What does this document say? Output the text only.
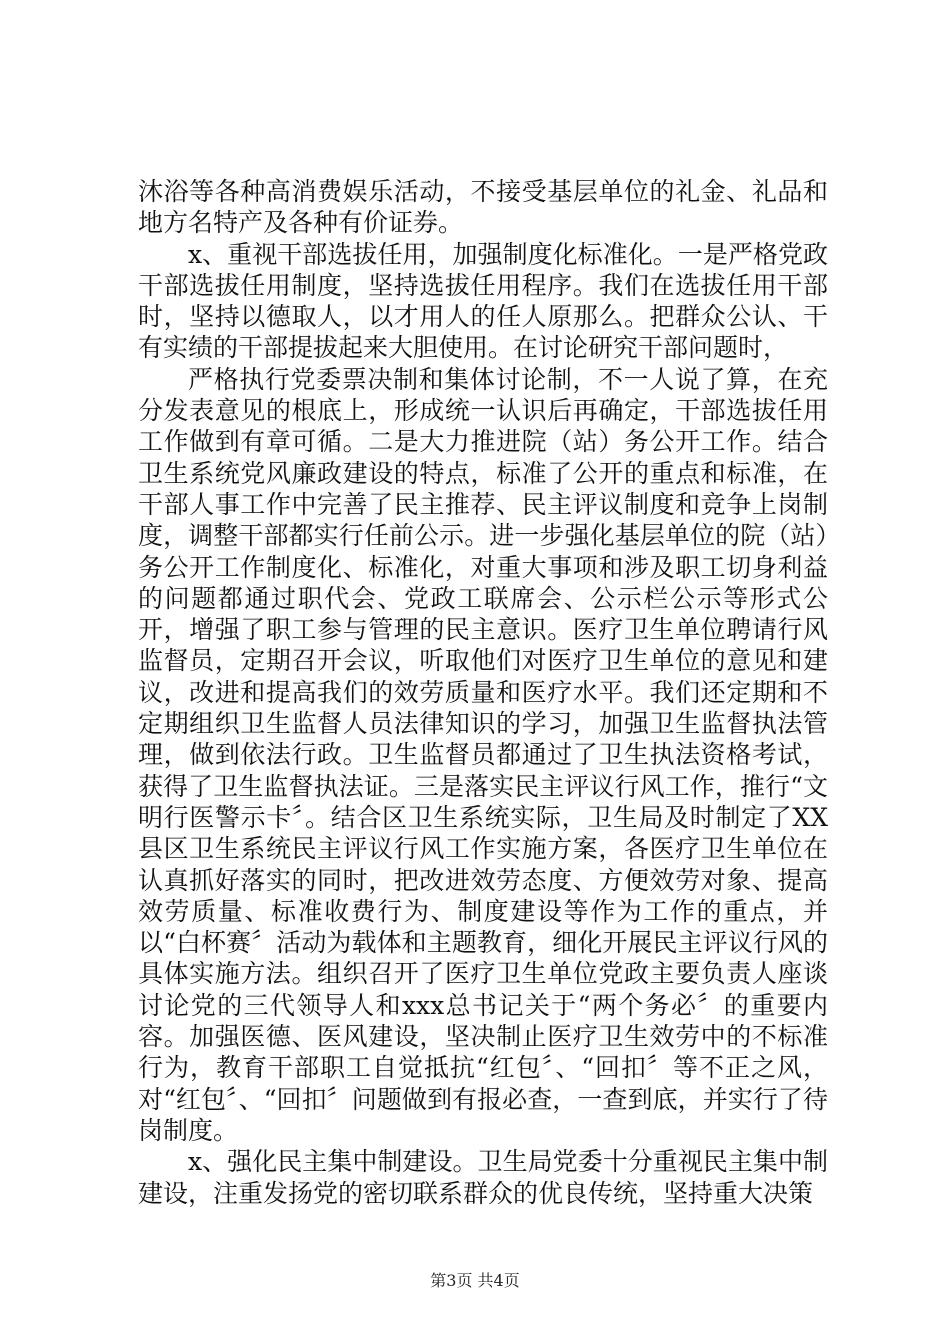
沐浴等各种高消费娱乐活动，不接受基层单位的礼金、礼品和地方名特产及各种有价证券。

x、重视干部选拔任用，加强制度化标准化。一是严格党政干部选拔任用制度，坚持选拔任用程序。我们在选拔任用干部时，坚持以德取人，以才用人的任人原那么。把群众公认、干有实绩的干部提拔起来大胆使用。在讨论研究干部问题时，

严格执行党委票决制和集体讨论制，不一人说了算，在充分发表意见的根底上，形成统一认识后再确定，干部选拔任用工作做到有章可循。二是大力推进院（站）务公开工作。结合卫生系统党风廉政建设的特点，标准了公开的重点和标准，在干部人事工作中完善了民主推荐、民主评议制度和竞争上岗制度，调整干部都实行任前公示。进一步强化基层单位的院（站）务公开工作制度化、标准化，对重大事项和涉及职工切身利益的问题都通过职代会、党政工联席会、公示栏公示等形式公开，增强了职工参与管理的民主意识。医疗卫生单位聘请行风监督员，定期召开会议，听取他们对医疗卫生单位的意见和建议，改进和提高我们的效劳质量和医疗水平。我们还定期和不定期组织卫生监督人员法律知识的学习，加强卫生监督执法管理，做到依法行政。卫生监督员都通过了卫生执法资格考试，获得了卫生监督执法证。三是落实民主评议行风工作，推行“文明行医警示卡〞。结合区卫生系统实际，卫生局及时制定了XX县区卫生系统民主评议行风工作实施方案，各医疗卫生单位在认真抓好落实的同时，把改进效劳态度、方便效劳对象、提高效劳质量、标准收费行为、制度建设等作为工作的重点，并以“白杯赛〞活动为载体和主题教育，细化开展民主评议行风的具体实施方法。组织召开了医疗卫生单位党政主要负责人座谈讨论党的三代领导人和xxx总书记关于“两个务必〞的重要内容。加强医德、医风建设，坚决制止医疗卫生效劳中的不标准行为，教育干部职工自觉抵抗“红包〞、“回扣〞等不正之风，对“红包〞、“回扣〞问题做到有报必查，一查到底，并实行了待岗制度。

x、强化民主集中制建设。卫生局党委十分重视民主集中制建设，注重发扬党的密切联系群众的优良传统，坚持重大决策

第3页 共4页
